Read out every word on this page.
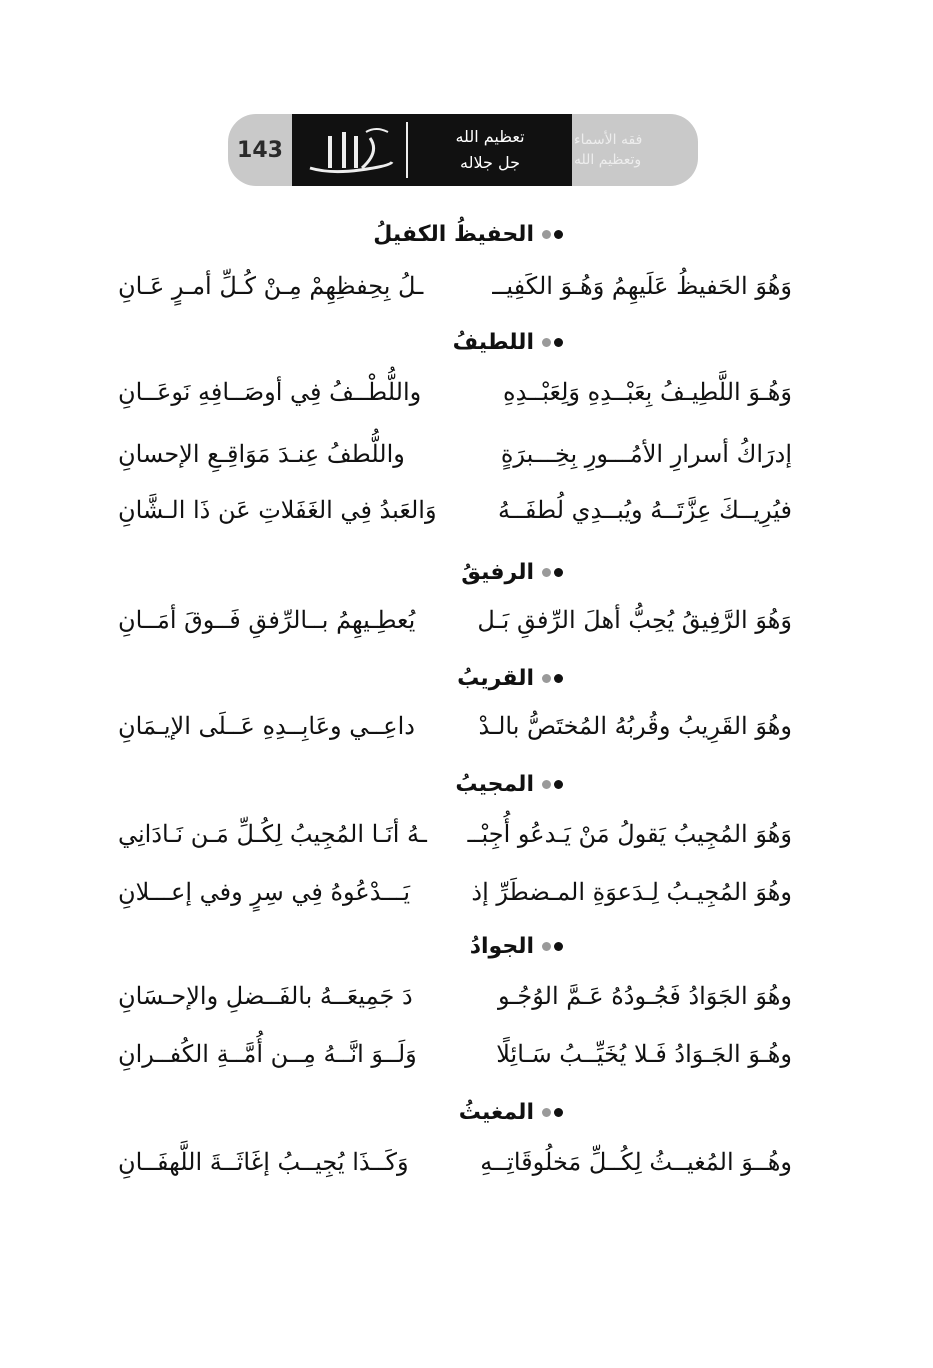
143
تعظيم الله
جل جلاله
فقه الأسماء
وتعظيم الله
الحفيظُ الكفيلُ
وَهُوَ الحَفيظُ عَلَيهِمُ وَهُـوَ الكَفِيــ
ـلُ بِحِفظِهِمْ مِـنْ كُـلِّ أمـرٍ عَـانِ
اللطيفُ
وَهُـوَ اللَّطِيـفُ بِعَبْــدِهِ وَلِعَبْــدِهِ
واللُّطْــفُ فِي أوصَــافِهِ نَوعَــانِ
إدرَاكُ أسرارِ الأمُـــورِ بِخِـــبرَةٍ
واللُّطفُ عِنـدَ مَوَاقِـعِ الإحسانِ
فيُرِيــكَ عِزَّتَــهُ ويُبــدِي لُطفَــهُ
وَالعَبدُ فِي الغَفَلاتِ عَن ذَا الـشَّانِ
الرفيقُ
وَهُوَ الرَّفِيقُ يُحِبُّ أهلَ الرِّفقِ بَـل
يُعطِـيهِمُ بــالرِّفقِ فَــوقَ أمَــانِ
القريبُ
وهُوَ القَرِيبُ وقُربُهُ المُختَصُّ بالـدْ
داعِــي وعَابِــدِهِ عَــلَى الإيـمَانِ
المجيبُ
وَهُوَ المُجِيبُ يَقولُ مَنْ يَـدعُو أُجِبْــ
ـهُ أنَـا المُجِيبُ لِكُـلِّ مَـن نَـادَانِي
وهُوَ المُجِيـبُ لِـدَعوَةِ المـضطَرِّ إذ
يَـــدْعُوهُ فِي سِرٍ وفي إعـــلانِ
الجوادُ
وهُوَ الجَوَادُ فَجُـودُهُ عَـمَّ الوُجُـو
دَ جَمِيعَــهُ بالفَــضلِ والإحـسَانِ
وهُـوَ الجَـوَادُ فَـلا يُخَيِّــبُ سَـائِلًا
وَلَــوَ انَّــهُ مِــن أُمَّــةِ الكُفــرانِ
المغيثُ
وهُــوَ المُغيــثُ لِكُــلِّ مَخلُوقَاتِــهِ
وَكَــذَا يُجِيــبُ إغَاثَــةَ اللَّهفَــانِ
